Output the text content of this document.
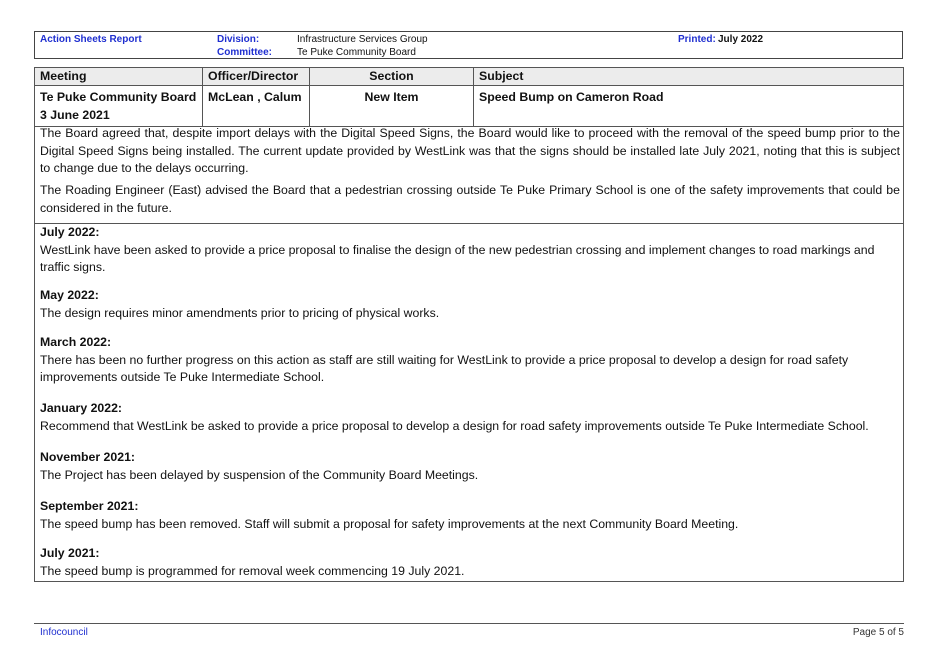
Action Sheets Report	Division:	Infrastructure Services Group
Committee: Te Puke Community Board
Printed: July 2022
Meeting	Officer/Director	Section	Subject

Te Puke Community Board
3 June 2021	McLean , Calum	New Item	Speed Bump on Cameron Road

The Board agreed that, despite import delays with the Digital Speed Signs, the Board would like to proceed with the removal of the speed bump prior to the Digital Speed Signs being installed. The current update provided by WestLink was that the signs should be installed late July 2021, noting that this is subject to change due to the delays occurring.

The Roading Engineer (East) advised the Board that a pedestrian crossing outside Te Puke Primary School is one of the safety improvements that could be considered in the future.

July 2022:
WestLink have been asked to provide a price proposal to finalise the design of the new pedestrian crossing and implement changes to road markings and traffic signs.
May 2022:
The design requires minor amendments prior to pricing of physical works.
March 2022:
There has been no further progress on this action as staff are still waiting for WestLink to provide a price proposal to develop a design for road safety improvements outside Te Puke Intermediate School.
January 2022:
Recommend that WestLink be asked to provide a price proposal to develop a design for road safety improvements outside Te Puke Intermediate School.
November 2021:
The Project has been delayed by suspension of the Community Board Meetings.
September 2021:
The speed bump has been removed. Staff will submit a proposal for safety improvements at the next Community Board Meeting.
July 2021:
The speed bump is programmed for removal week commencing 19 July 2021.
Infocouncil	Page 5 of 5
